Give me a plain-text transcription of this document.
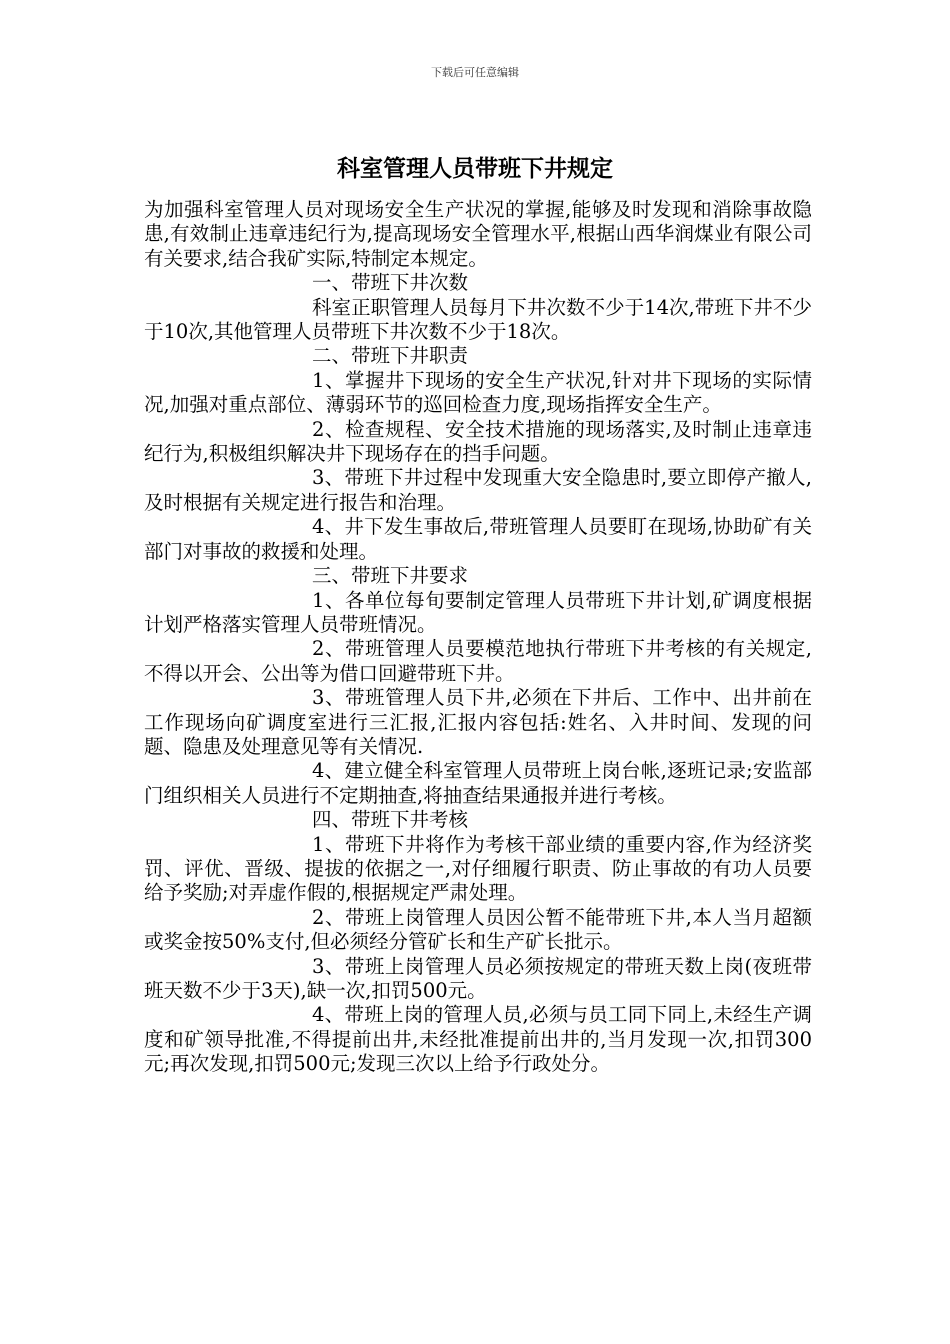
下载后可任意编辑
科室管理人员带班下井规定

为加强科室管理人员对现场安全生产状况的掌握,能够及时发现和消除事故隐患,有效制止违章违纪行为,提高现场安全管理水平,根据山西华润煤业有限公司有关要求,结合我矿实际,特制定本规定。

一、带班下井次数

科室正职管理人员每月下井次数不少于14次,带班下井不少于10次,其他管理人员带班下井次数不少于18次。

二、带班下井职责

1、掌握井下现场的安全生产状况,针对井下现场的实际情况,加强对重点部位、薄弱环节的巡回检查力度,现场指挥安全生产。

2、检查规程、安全技术措施的现场落实,及时制止违章违纪行为,积极组织解决井下现场存在的挡手问题。

3、带班下井过程中发现重大安全隐患时,要立即停产撤人,及时根据有关规定进行报告和治理。

4、井下发生事故后,带班管理人员要盯在现场,协助矿有关部门对事故的救援和处理。

三、带班下井要求

1、各单位每旬要制定管理人员带班下井计划,矿调度根据计划严格落实管理人员带班情况。

2、带班管理人员要模范地执行带班下井考核的有关规定,不得以开会、公出等为借口回避带班下井。

3、带班管理人员下井,必须在下井后、工作中、出井前在工作现场向矿调度室进行三汇报,汇报内容包括:姓名、入井时间、发现的问题、隐患及处理意见等有关情况.

4、建立健全科室管理人员带班上岗台帐,逐班记录;安监部门组织相关人员进行不定期抽查,将抽查结果通报并进行考核。

四、带班下井考核

1、带班下井将作为考核干部业绩的重要内容,作为经济奖罚、评优、晋级、提拔的依据之一,对仔细履行职责、防止事故的有功人员要给予奖励;对弄虚作假的,根据规定严肃处理。

2、带班上岗管理人员因公暂不能带班下井,本人当月超额或奖金按50%支付,但必须经分管矿长和生产矿长批示。

3、带班上岗管理人员必须按规定的带班天数上岗(夜班带班天数不少于3天),缺一次,扣罚500元。

4、带班上岗的管理人员,必须与员工同下同上,未经生产调度和矿领导批准,不得提前出井,未经批准提前出井的,当月发现一次,扣罚300元;再次发现,扣罚500元;发现三次以上给予行政处分。
